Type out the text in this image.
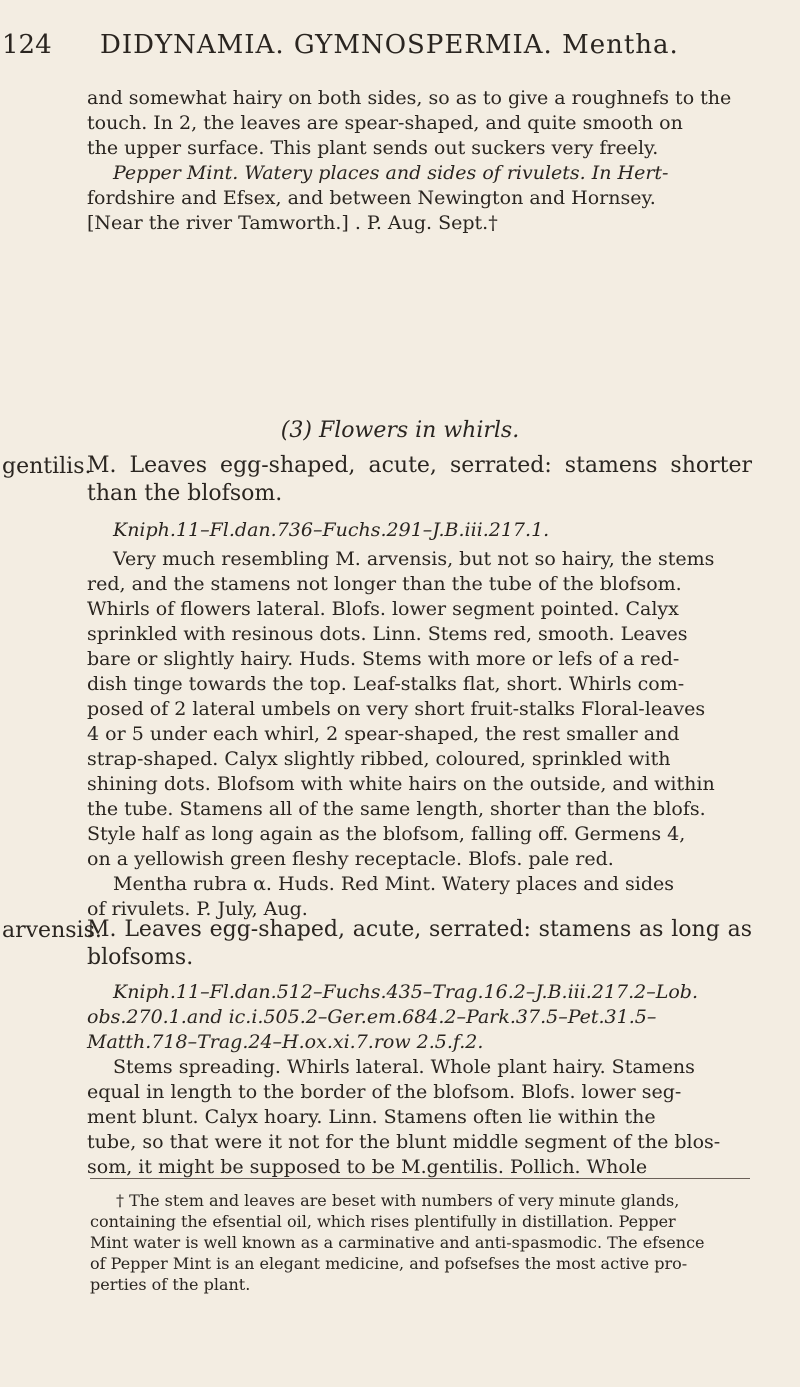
124 DIDYNAMIA. GYMNOSPERMIA. Mentha.

and somewhat hairy on both sides, so as to give a roughnefs to the

touch. In 2, the leaves are spear-shaped, and quite smooth on

the upper surface. This plant sends out suckers very freely.

Pepper Mint. Watery places and sides of rivulets. In Hert-

fordshire and Efsex, and between Newington and Hornsey.

[Near the river Tamworth.] . P. Aug. Sept.†

(3) Flowers in whirls.
gentilis.

M. Leaves egg-shaped, acute, serrated: stamens shorter than the blofsom.

Kniph.11–Fl.dan.736–Fuchs.291–J.B.iii.217.1.

Very much resembling M. arvensis, but not so hairy, the stems

red, and the stamens not longer than the tube of the blofsom.

Whirls of flowers lateral. Blofs. lower segment pointed. Calyx

sprinkled with resinous dots. Linn. Stems red, smooth. Leaves

bare or slightly hairy. Huds. Stems with more or lefs of a red-

dish tinge towards the top. Leaf-stalks flat, short. Whirls com-

posed of 2 lateral umbels on very short fruit-stalks Floral-leaves

4 or 5 under each whirl, 2 spear-shaped, the rest smaller and

strap-shaped. Calyx slightly ribbed, coloured, sprinkled with

shining dots. Blofsom with white hairs on the outside, and within

the tube. Stamens all of the same length, shorter than the blofs.

Style half as long again as the blofsom, falling off. Germens 4,

on a yellowish green fleshy receptacle. Blofs. pale red.

Mentha rubra α. Huds. Red Mint. Watery places and sides

of rivulets. P. July, Aug.

arvensis.

M. Leaves egg-shaped, acute, serrated: stamens as long as blofsoms.

Kniph.11–Fl.dan.512–Fuchs.435–Trag.16.2–J.B.iii.217.2–Lob.

obs.270.1.and ic.i.505.2–Ger.em.684.2–Park.37.5–Pet.31.5–

Matth.718–Trag.24–H.ox.xi.7.row 2.5.f.2.

Stems spreading. Whirls lateral. Whole plant hairy. Stamens

equal in length to the border of the blofsom. Blofs. lower seg-

ment blunt. Calyx hoary. Linn. Stamens often lie within the

tube, so that were it not for the blunt middle segment of the blos-

som, it might be supposed to be M.gentilis. Pollich. Whole

† The stem and leaves are beset with numbers of very minute glands,

containing the efsential oil, which rises plentifully in distillation. Pepper

Mint water is well known as a carminative and anti-spasmodic. The efsence

of Pepper Mint is an elegant medicine, and pofsefses the most active pro-

perties of the plant.
